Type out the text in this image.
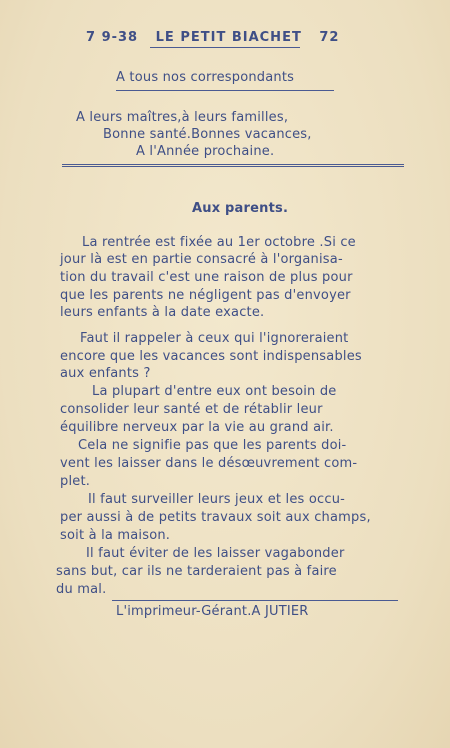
7 9-38 LE PETIT BIACHET 72
A tous nos correspondants
A leurs maîtres,à leurs familles,
Bonne santé.Bonnes vacances,
A l'Année prochaine.
Aux parents.
La rentrée est fixée au 1er octobre .Si ce
jour là est en partie consacré à l'organisa-
tion du travail c'est une raison de plus pour
que les parents ne négligent pas d'envoyer
leurs enfants à la date exacte.
Faut il rappeler à ceux qui l'ignoreraient
encore que les vacances sont indispensables
aux enfants ?
La plupart d'entre eux ont besoin de
consolider leur santé et de rétablir leur
équilibre nerveux par la vie au grand air.
Cela ne signifie pas que les parents doi-
vent les laisser dans le désœuvrement com-
plet.
Il faut surveiller leurs jeux et les occu-
per aussi à de petits travaux soit aux champs,
soit à la maison.
Il faut éviter de les laisser vagabonder
sans but, car ils ne tarderaient pas à faire
du mal.
L'imprimeur-Gérant.A JUTIER
